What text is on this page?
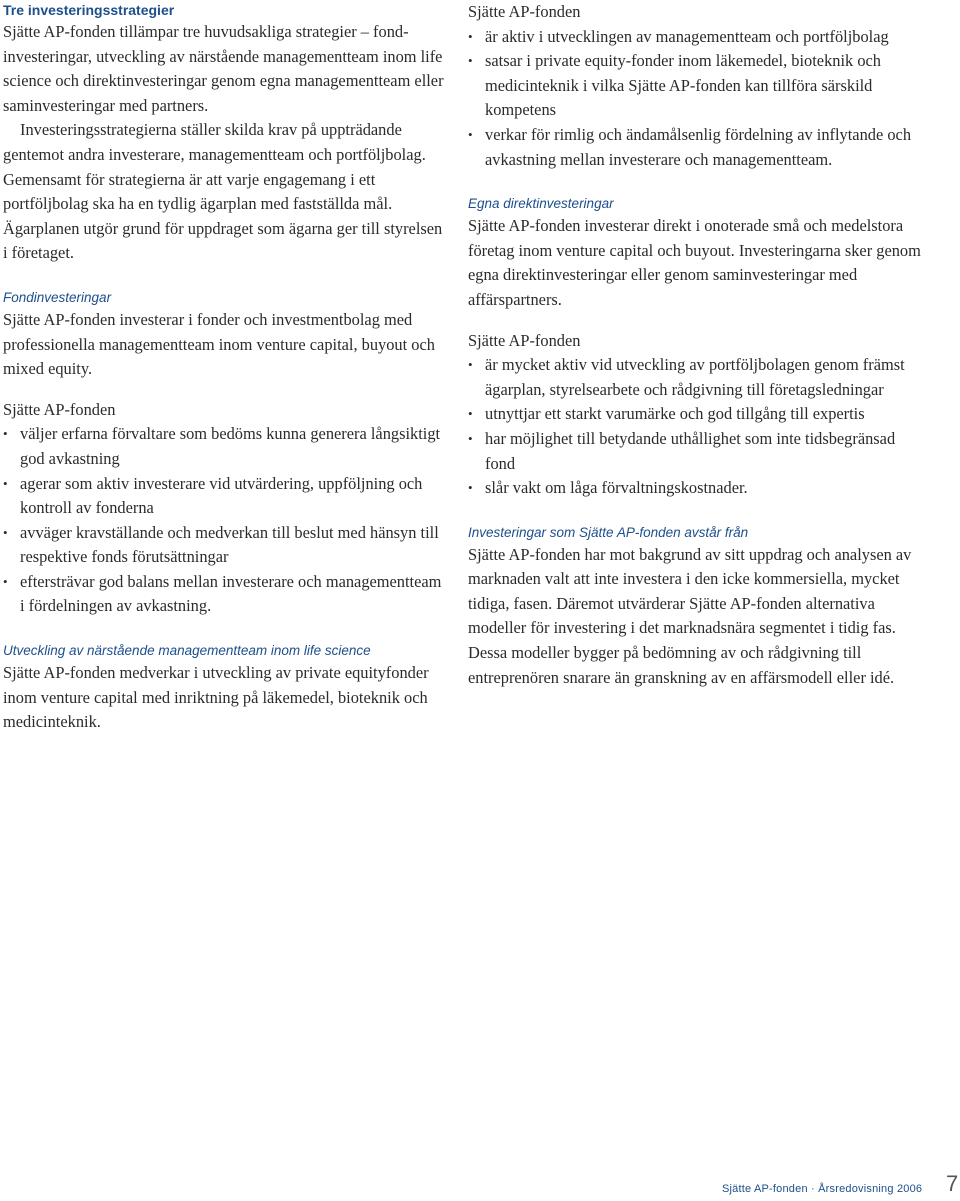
Tre investeringsstrategier

Sjätte AP-fonden tillämpar tre huvudsakliga strategier – fondinvesteringar, utveckling av närstående managementteam inom life science och direktinvesteringar genom egna managementteam eller saminvesteringar med partners.

Investeringsstrategierna ställer skilda krav på uppträdande gentemot andra investerare, managementteam och portföljbolag. Gemensamt för strategierna är att varje engagemang i ett portföljbolag ska ha en tydlig ägarplan med fastställda mål. Ägarplanen utgör grund för uppdraget som ägarna ger till styrelsen i företaget.

Fondinvesteringar

Sjätte AP-fonden investerar i fonder och investmentbolag med professionella managementteam inom venture capital, buyout och mixed equity.

Sjätte AP-fonden

• väljer erfarna förvaltare som bedöms kunna generera långsiktigt god avkastning
• agerar som aktiv investerare vid utvärdering, uppföljning och kontroll av fonderna
• avväger kravställande och medverkan till beslut med hänsyn till respektive fonds förutsättningar
• eftersträvar god balans mellan investerare och managementteam i fördelningen av avkastning.

Utveckling av närstående managementteam inom life science

Sjätte AP-fonden medverkar i utveckling av private equityfonder inom venture capital med inriktning på läkemedel, bioteknik och medicinteknik.

Sjätte AP-fonden

• är aktiv i utvecklingen av managementteam och portföljbolag
• satsar i private equity-fonder inom läkemedel, bioteknik och medicinteknik i vilka Sjätte AP-fonden kan tillföra särskild kompetens
• verkar för rimlig och ändamålsenlig fördelning av inflytande och avkastning mellan investerare och managementteam.

Egna direktinvesteringar

Sjätte AP-fonden investerar direkt i onoterade små och medelstora företag inom venture capital och buyout. Investeringarna sker genom egna direktinvesteringar eller genom saminvesteringar med affärspartners.

Sjätte AP-fonden

• är mycket aktiv vid utveckling av portföljbolagen genom främst ägarplan, styrelsearbete och rådgivning till företagsledningar
• utnyttjar ett starkt varumärke och god tillgång till expertis
• har möjlighet till betydande uthållighet som inte tidsbegränsad fond
• slår vakt om låga förvaltningskostnader.

Investeringar som Sjätte AP-fonden avstår från

Sjätte AP-fonden har mot bakgrund av sitt uppdrag och analysen av marknaden valt att inte investera i den icke kommersiella, mycket tidiga, fasen. Däremot utvärderar Sjätte AP-fonden alternativa modeller för investering i det marknadsnära segmentet i tidig fas. Dessa modeller bygger på bedömning av och rådgivning till entreprenören snarare än granskning av en affärsmodell eller idé.

Sjätte AP-fonden · Årsredovisning 2006 7
